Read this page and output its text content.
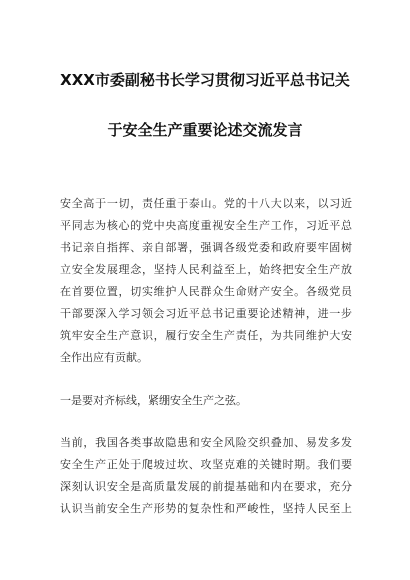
XXX市委副秘书长学习贯彻习近平总书记关
于安全生产重要论述交流发言
安全高于一切，责任重于泰山。党的十八大以来，以习近
平同志为核心的党中央高度重视安全生产工作，习近平总
书记亲自指挥、亲自部署，强调各级党委和政府要牢固树
立安全发展理念，坚持人民利益至上，始终把安全生产放
在首要位置，切实维护人民群众生命财产安全。各级党员
干部要深入学习领会习近平总书记重要论述精神，进一步
筑牢安全生产意识，履行安全生产责任，为共同维护大安
全作出应有贡献。
一是要对齐标线，紧绷安全生产之弦。
当前，我国各类事故隐患和安全风险交织叠加、易发多发
安全生产正处于爬坡过坎、攻坚克难的关键时期。我们要
深刻认识安全是高质量发展的前提基础和内在要求，充分
认识当前安全生产形势的复杂性和严峻性，坚持人民至上
